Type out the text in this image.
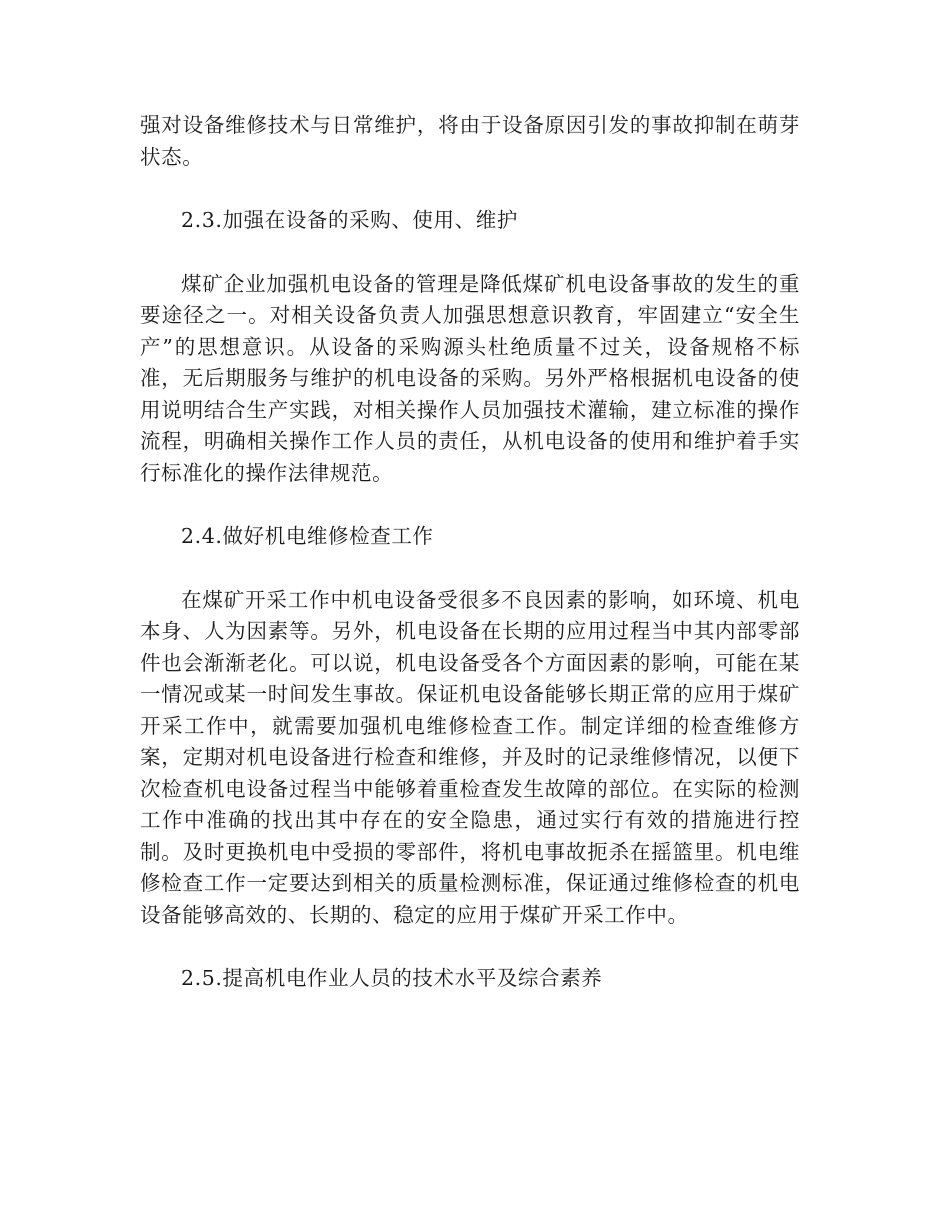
强对设备维修技术与日常维护，将由于设备原因引发的事故抑制在萌芽状态。

2.3.加强在设备的采购、使用、维护

煤矿企业加强机电设备的管理是降低煤矿机电设备事故的发生的重要途径之一。对相关设备负责人加强思想意识教育，牢固建立“安全生产”的思想意识。从设备的采购源头杜绝质量不过关，设备规格不标准，无后期服务与维护的机电设备的采购。另外严格根据机电设备的使用说明结合生产实践，对相关操作人员加强技术灌输，建立标准的操作流程，明确相关操作工作人员的责任，从机电设备的使用和维护着手实行标准化的操作法律规范。

2.4.做好机电维修检查工作

在煤矿开采工作中机电设备受很多不良因素的影响，如环境、机电本身、人为因素等。另外，机电设备在长期的应用过程当中其内部零部件也会渐渐老化。可以说，机电设备受各个方面因素的影响，可能在某一情况或某一时间发生事故。保证机电设备能够长期正常的应用于煤矿开采工作中，就需要加强机电维修检查工作。制定详细的检查维修方案，定期对机电设备进行检查和维修，并及时的记录维修情况，以便下次检查机电设备过程当中能够着重检查发生故障的部位。在实际的检测工作中准确的找出其中存在的安全隐患，通过实行有效的措施进行控制。及时更换机电中受损的零部件，将机电事故扼杀在摇篮里。机电维修检查工作一定要达到相关的质量检测标准，保证通过维修检查的机电设备能够高效的、长期的、稳定的应用于煤矿开采工作中。

2.5.提高机电作业人员的技术水平及综合素养
